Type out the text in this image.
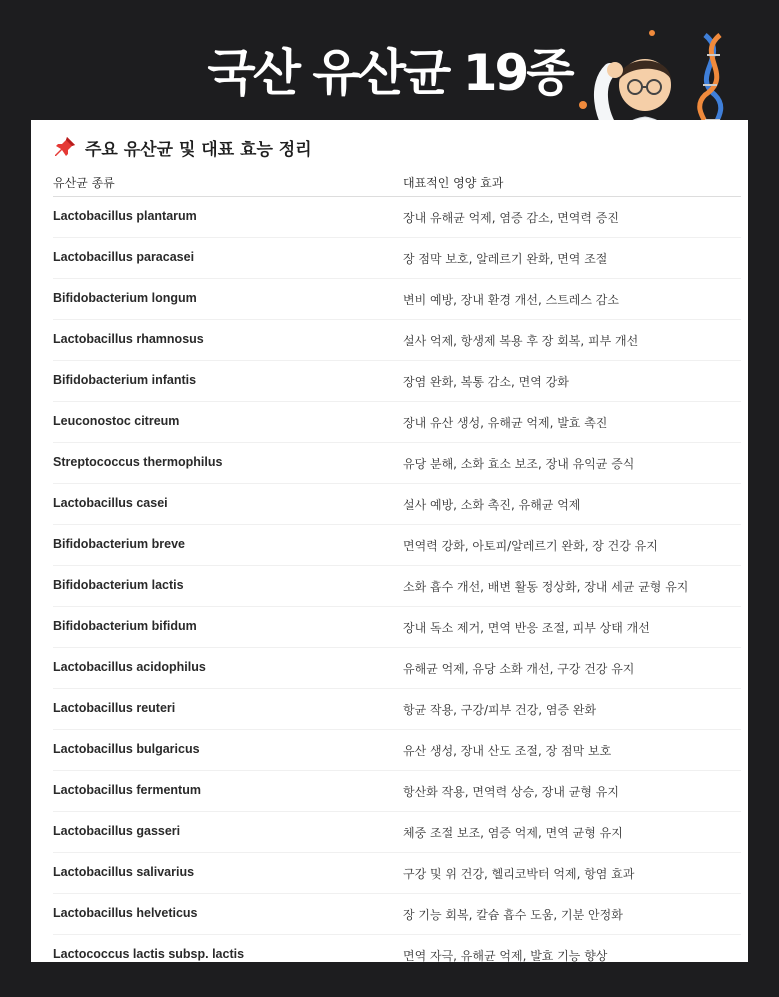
국산 유산균 19종
주요 유산균 및 대표 효능 정리
유산균 종류	대표적인 영양 효과
Lactobacillus plantarum	장내 유해균 억제, 염증 감소, 면역력 증진
Lactobacillus paracasei	장 점막 보호, 알레르기 완화, 면역 조절
Bifidobacterium longum	변비 예방, 장내 환경 개선, 스트레스 감소
Lactobacillus rhamnosus	설사 억제, 항생제 복용 후 장 회복, 피부 개선
Bifidobacterium infantis	장염 완화, 복통 감소, 면역 강화
Leuconostoc citreum	장내 유산 생성, 유해균 억제, 발효 촉진
Streptococcus thermophilus	유당 분해, 소화 효소 보조, 장내 유익균 증식
Lactobacillus casei	설사 예방, 소화 촉진, 유해균 억제
Bifidobacterium breve	면역력 강화, 아토피/알레르기 완화, 장 건강 유지
Bifidobacterium lactis	소화 흡수 개선, 배변 활동 정상화, 장내 세균 균형 유지
Bifidobacterium bifidum	장내 독소 제거, 면역 반응 조절, 피부 상태 개선
Lactobacillus acidophilus	유해균 억제, 유당 소화 개선, 구강 건강 유지
Lactobacillus reuteri	항균 작용, 구강/피부 건강, 염증 완화
Lactobacillus bulgaricus	유산 생성, 장내 산도 조절, 장 점막 보호
Lactobacillus fermentum	항산화 작용, 면역력 상승, 장내 균형 유지
Lactobacillus gasseri	체중 조절 보조, 염증 억제, 면역 균형 유지
Lactobacillus salivarius	구강 및 위 건강, 헬리코박터 억제, 항염 효과
Lactobacillus helveticus	장 기능 회복, 칼슘 흡수 도움, 기분 안정화
Lactococcus lactis subsp. lactis	면역 자극, 유해균 억제, 발효 기능 향상
